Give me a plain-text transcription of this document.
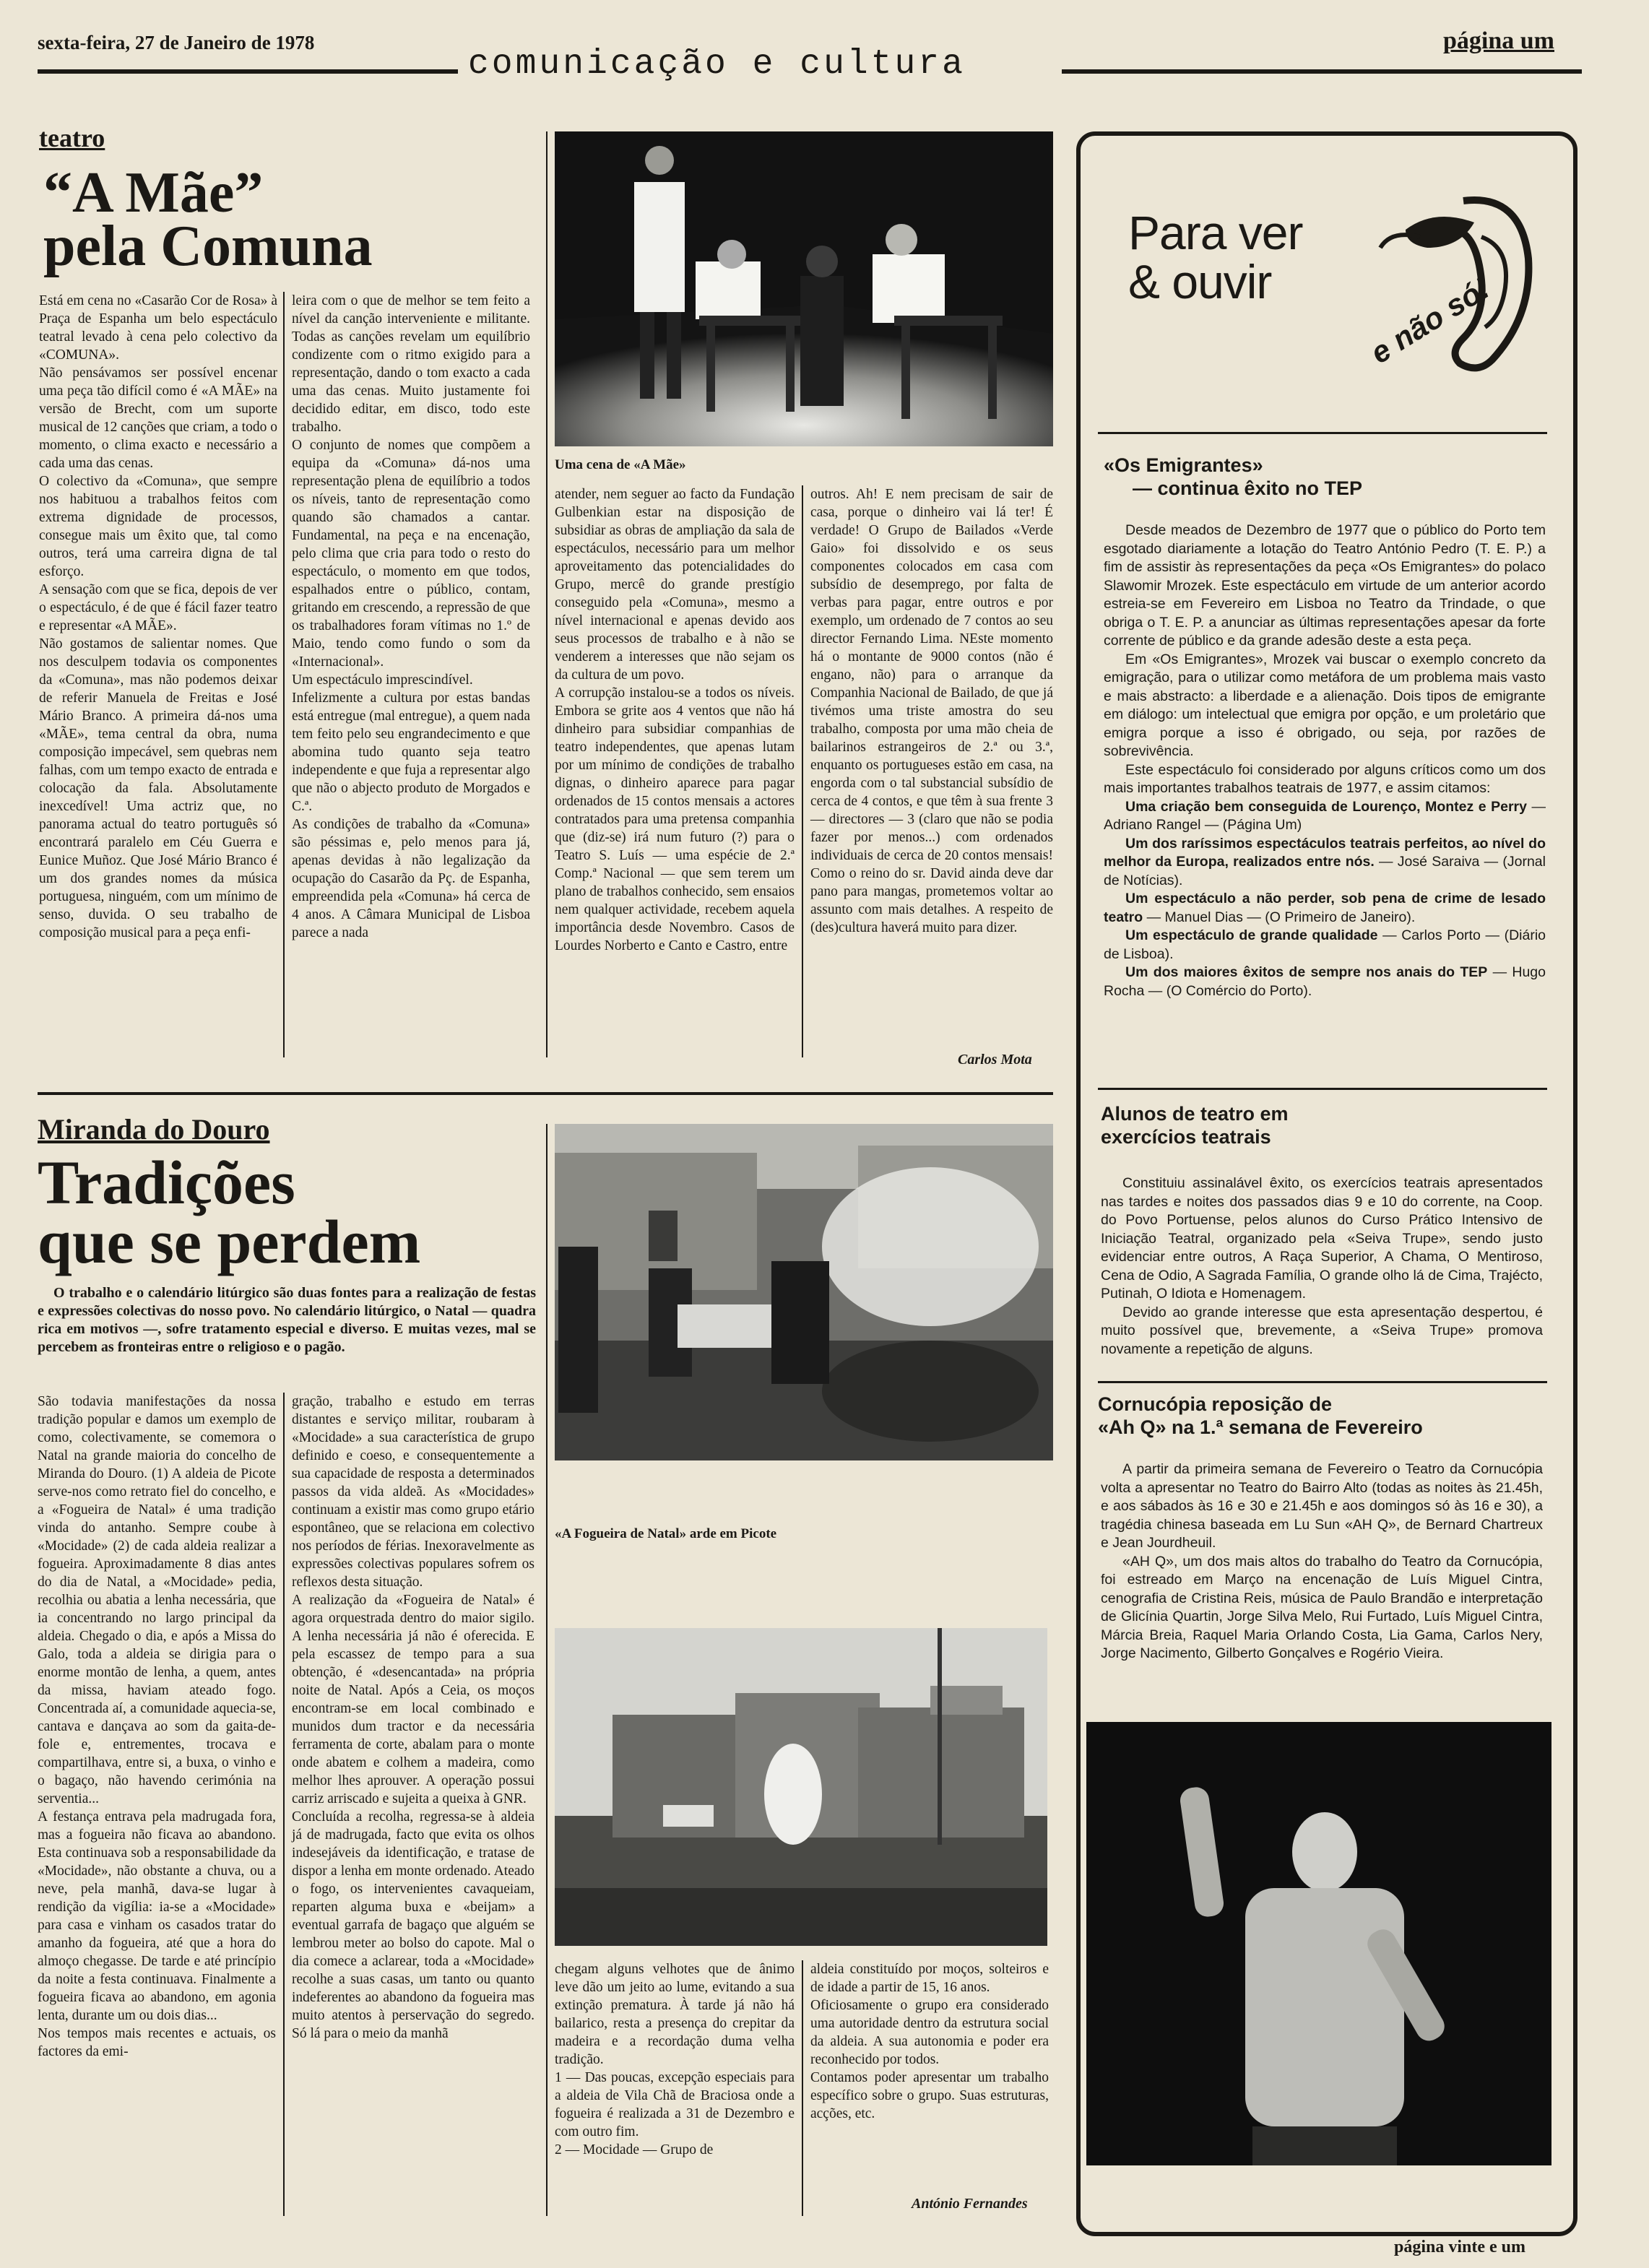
sexta-feira, 27 de Janeiro de 1978
comunicação e cultura
página um
teatro
“A Mãe”
pela Comuna
Está em cena no «Casarão Cor de Rosa» à Praça de Espanha um belo espectáculo teatral levado à cena pelo colectivo da «COMUNA».
Não pensávamos ser possível encenar uma peça tão difícil como é «A MÃE» na versão de Brecht, com um suporte musical de 12 canções que criam, a todo o momento, o clima exacto e necessário a cada uma das cenas.
O colectivo da «Comuna», que sempre nos habituou a trabalhos feitos com extrema dignidade de processos, consegue mais um êxito que, tal como outros, terá uma carreira digna de tal esforço.
A sensação com que se fica, depois de ver o espectáculo, é de que é fácil fazer teatro e representar «A MÃE».
Não gostamos de salientar nomes. Que nos desculpem todavia os componentes da «Comuna», mas não podemos deixar de referir Manuela de Freitas e José Mário Branco. A primeira dá-nos uma «MÃE», tema central da obra, numa composição impecável, sem quebras nem falhas, com um tempo exacto de entrada e colocação da fala. Absolutamente inexcedível! Uma actriz que, no panorama actual do teatro português só encontrará paralelo em Céu Guerra e Eunice Muñoz. Que José Mário Branco é um dos grandes nomes da música portuguesa, ninguém, com um mínimo de senso, duvida. O seu trabalho de composição musical para a peça enfi-
leira com o que de melhor se tem feito a nível da canção interveniente e militante. Todas as canções revelam um equilíbrio condizente com o ritmo exigido para a representação, dando o tom exacto a cada uma das cenas. Muito justamente foi decidido editar, em disco, todo este trabalho.
O conjunto de nomes que compõem a equipa da «Comuna» dá-nos uma representação plena de equilíbrio a todos os níveis, tanto de representação como quando são chamados a cantar. Fundamental, na peça e na encenação, pelo clima que cria para todo o resto do espectáculo, o momento em que todos, espalhados entre o público, contam, gritando em crescendo, a repressão de que os trabalhadores foram vítimas no 1.º de Maio, tendo como fundo o som da «Internacional».
Um espectáculo imprescindível.
Infelizmente a cultura por estas bandas está entregue (mal entregue), a quem nada tem feito pelo seu engrandecimento e que abomina tudo quanto seja teatro independente e que fuja a representar algo que não o abjecto produto de Morgados e C.ª.
As condições de trabalho da «Comuna» são péssimas e, pelo menos para já, apenas devidas à não legalização da ocupação do Casarão da Pç. de Espanha, empreendida pela «Comuna» há cerca de 4 anos. A Câmara Municipal de Lisboa parece a nada
Uma cena de «A Mãe»
atender, nem seguer ao facto da Fundação Gulbenkian estar na disposição de subsidiar as obras de ampliação da sala de espectáculos, necessário para um melhor aproveitamento das potencialidades do Grupo, mercê do grande prestígio conseguido pela «Comuna», mesmo a nível internacional e apenas devido aos seus processos de trabalho e à não se venderem a interesses que não sejam os da cultura de um povo.
A corrupção instalou-se a todos os níveis. Embora se grite aos 4 ventos que não há dinheiro para subsidiar companhias de teatro independentes, que apenas lutam por um mínimo de condições de trabalho dignas, o dinheiro aparece para pagar ordenados de 15 contos mensais a actores contratados para uma pretensa companhia que (diz-se) irá num futuro (?) para o Teatro S. Luís — uma espécie de 2.ª Comp.ª Nacional — que sem terem um plano de trabalhos conhecido, sem ensaios nem qualquer actividade, recebem aquela importância desde Novembro. Casos de Lourdes Norberto e Canto e Castro, entre
outros. Ah! E nem precisam de sair de casa, porque o dinheiro vai lá ter! É verdade! O Grupo de Bailados «Verde Gaio» foi dissolvido e os seus componentes colocados em casa com subsídio de desemprego, por falta de verbas para pagar, entre outros e por exemplo, um ordenado de 7 contos ao seu director Fernando Lima. NEste momento há o montante de 9000 contos (não é engano, não) para o arranque da Companhia Nacional de Bailado, de que já tivémos uma triste amostra do seu trabalho, composta por uma mão cheia de bailarinos estrangeiros de 2.ª ou 3.ª, enquanto os portugueses estão em casa, na engorda com o tal substancial subsídio de cerca de 4 contos, e que têm à sua frente 3 — directores — 3 (claro que não se podia fazer por menos...) com ordenados individuais de cerca de 20 contos mensais! Como o reino do sr. David ainda deve dar pano para mangas, prometemos voltar ao assunto com mais detalhes. A respeito de (des)cultura haverá muito para dizer.
Carlos Mota
Miranda do Douro
Tradições
que se perdem
O trabalho e o calendário litúrgico são duas fontes para a realização de festas e expressões colectivas do nosso povo. No calendário litúrgico, o Natal — quadra rica em motivos —, sofre tratamento especial e diverso. E muitas vezes, mal se percebem as fronteiras entre o religioso e o pagão.
São todavia manifestações da nossa tradição popular e damos um exemplo de como, colectivamente, se comemora o Natal na grande maioria do concelho de Miranda do Douro. (1) A aldeia de Picote serve-nos como retrato fiel do concelho, e a «Fogueira de Natal» é uma tradição vinda do antanho. Sempre coube à «Mocidade» (2) de cada aldeia realizar a fogueira. Aproximadamente 8 dias antes do dia de Natal, a «Mocidade» pedia, recolhia ou abatia a lenha necessária, que ia concentrando no largo principal da aldeia. Chegado o dia, e após a Missa do Galo, toda a aldeia se dirigia para o enorme montão de lenha, a quem, antes da missa, haviam ateado fogo. Concentrada aí, a comunidade aquecia-se, cantava e dançava ao som da gaita-de-fole e, entrementes, trocava e compartilhava, entre si, a buxa, o vinho e o bagaço, não havendo cerimónia na serventia...
A festança entrava pela madrugada fora, mas a fogueira não ficava ao abandono. Esta continuava sob a responsabilidade da «Mocidade», não obstante a chuva, ou a neve, pela manhã, dava-se lugar à rendição da vigília: ia-se a «Mocidade» para casa e vinham os casados tratar do amanho da fogueira, até que a hora do almoço chegasse. De tarde e até princípio da noite a festa continuava. Finalmente a fogueira ficava ao abandono, em agonia lenta, durante um ou dois dias...
Nos tempos mais recentes e actuais, os factores da emi-
gração, trabalho e estudo em terras distantes e serviço militar, roubaram à «Mocidade» a sua característica de grupo definido e coeso, e consequentemente a sua capacidade de resposta a determinados passos da vida aldeã. As «Mocidades» continuam a existir mas como grupo etário espontâneo, que se relaciona em colectivo nos períodos de férias. Inexoravelmente as expressões colectivas populares sofrem os reflexos desta situação.
A realização da «Fogueira de Natal» é agora orquestrada dentro do maior sigilo. A lenha necessária já não é oferecida. E pela escassez de tempo para a sua obtenção, é «desencantada» na própria noite de Natal. Após a Ceia, os moços encontram-se em local combinado e munidos dum tractor e da necessária ferramenta de corte, abalam para o monte onde abatem e colhem a madeira, como melhor lhes aprouver. A operação possui carriz arriscado e sujeita a queixa à GNR.
Concluída a recolha, regressa-se à aldeia já de madrugada, facto que evita os olhos indesejáveis da identificação, e tratase de dispor a lenha em monte ordenado. Ateado o fogo, os intervenientes cavaqueiam, reparten alguma buxa e «beijam» a eventual garrafa de bagaço que alguém se lembrou meter ao bolso do capote. Mal o dia comece a aclarear, toda a «Mocidade» recolhe a suas casas, um tanto ou quanto indeferentes ao abandono da fogueira mas muito atentos à perservação do segredo. Só lá para o meio da manhã
«A Fogueira de Natal» arde em Picote
chegam alguns velhotes que de ânimo leve dão um jeito ao lume, evitando a sua extinção prematura. À tarde já não há bailarico, resta a presença do crepitar da madeira e a recordação duma velha tradição.
1 — Das poucas, excepção especiais para a aldeia de Vila Chã de Braciosa onde a fogueira é realizada a 31 de Dezembro e com outro fim.
2 — Mocidade — Grupo de
aldeia constituído por moços, solteiros e de idade a partir de 15, 16 anos.
Oficiosamente o grupo era considerado uma autoridade dentro da estrutura social da aldeia. A sua autonomia e poder era reconhecido por todos.
Contamos poder apresentar um trabalho específico sobre o grupo. Suas estruturas, acções, etc.
António Fernandes
Para ver
& ouvir	e não só!
«Os Emigrantes»
— continua êxito no TEP

Desde meados de Dezembro de 1977 que o público do Porto tem esgotado diariamente a lotação do Teatro António Pedro (T. E. P.) a fim de assistir às representações da peça «Os Emigrantes» do polaco Slawomir Mrozek. Este espectáculo em virtude de um anterior acordo estreia-se em Fevereiro em Lisboa no Teatro da Trindade, o que obriga o T. E. P. a anunciar as últimas representações apesar da forte corrente de público e da grande adesão deste a esta peça.

Em «Os Emigrantes», Mrozek vai buscar o exemplo concreto da emigração, para o utilizar como metáfora de um problema mais vasto e mais abstracto: a liberdade e a alienação. Dois tipos de emigrante em diálogo: um intelectual que emigra por opção, e um proletário que emigra porque a isso é obrigado, ou seja, por razões de sobrevivência.

Este espectáculo foi considerado por alguns críticos como um dos mais importantes trabalhos teatrais de 1977, e assim citamos:

Uma criação bem conseguida de Lourenço, Montez e Perry — Adriano Rangel — (Página Um)

Um dos raríssimos espectáculos teatrais perfeitos, ao nível do melhor da Europa, realizados entre nós. — José Saraiva — (Jornal de Notícias).

Um espectáculo a não perder, sob pena de crime de lesado teatro — Manuel Dias — (O Primeiro de Janeiro).

Um espectáculo de grande qualidade — Carlos Porto — (Diário de Lisboa).

Um dos maiores êxitos de sempre nos anais do TEP — Hugo Rocha — (O Comércio do Porto).

Alunos de teatro em
exercícios teatrais

Constituiu assinalável êxito, os exercícios teatrais apresentados nas tardes e noites dos passados dias 9 e 10 do corrente, na Coop. do Povo Portuense, pelos alunos do Curso Prático Intensivo de Iniciação Teatral, organizado pela «Seiva Trupe», sendo justo evidenciar entre outros, A Raça Superior, A Chama, O Mentiroso, Cena de Odio, A Sagrada Família, O grande olho lá de Cima, Trajécto, Putinah, O Idiota e Homenagem.

Devido ao grande interesse que esta apresentação despertou, é muito possível que, brevemente, a «Seiva Trupe» promova novamente a repetição de alguns.

Cornucópia reposição de
«Ah Q» na 1.ª semana de Fevereiro

A partir da primeira semana de Fevereiro o Teatro da Cornucópia volta a apresentar no Teatro do Bairro Alto (todas as noites às 21.45h, e aos sábados às 16 e 30 e 21.45h e aos domingos só às 16 e 30), a tragédia chinesa baseada em Lu Sun «AH Q», de Bernard Chartreux e Jean Jourdheuil.

«AH Q», um dos mais altos do trabalho do Teatro da Cornucópia, foi estreado em Março na encenação de Luís Miguel Cintra, cenografia de Cristina Reis, música de Paulo Brandão e interpretação de Glicínia Quartin, Jorge Silva Melo, Rui Furtado, Luís Miguel Cintra, Márcia Breia, Raquel Maria Orlando Costa, Lia Gama, Carlos Nery, Jorge Nacimento, Gilberto Gonçalves e Rogério Vieira.

página vinte e um
